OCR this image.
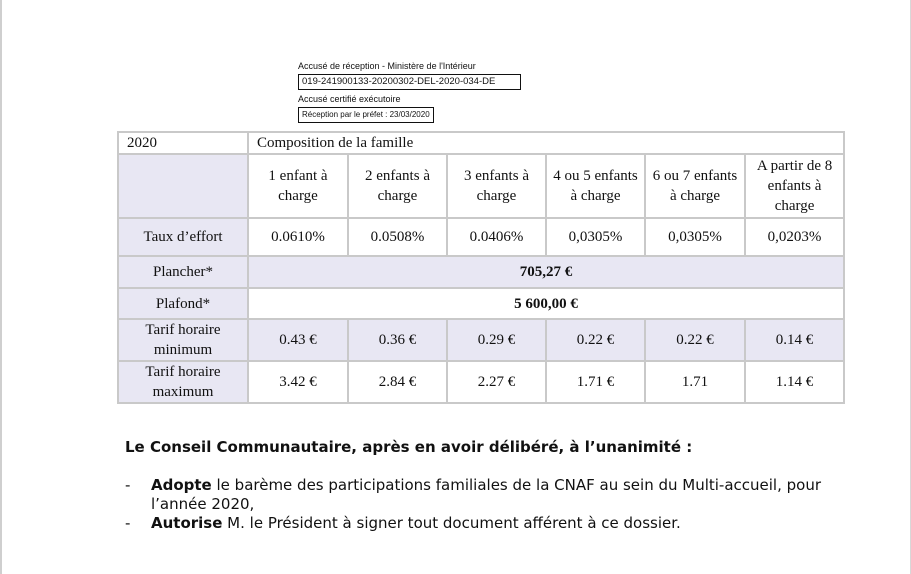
Accusé de réception - Ministère de l'Intérieur
019-241900133-20200302-DEL-2020-034-DE
Accusé certifié exécutoire
Réception par le préfet : 23/03/2020
2020	Composition de la famille					
	1 enfant à charge	2 enfants à charge	3 enfants à charge	4 ou 5 enfants à charge	6 ou 7 enfants à charge	A partir de 8 enfants à charge
Taux d’effort	0.0610%	0.0508%	0.0406%	0,0305%	0,0305%	0,0203%
Plancher*	705,27 €					
Plafond*	5 600,00 €					
Tarif horaire minimum	0.43 €	0.36 €	0.29 €	0.22 €	0.22 €	0.14 €
Tarif horaire maximum	3.42 €	2.84 €	2.27 €	1.71 €	1.71	1.14 €
Le Conseil Communautaire, après en avoir délibéré, à l’unanimité :
- Adopte le barème des participations familiales de la CNAF au sein du Multi-accueil, pour l’année 2020,
- Autorise M. le Président à signer tout document afférent à ce dossier.
